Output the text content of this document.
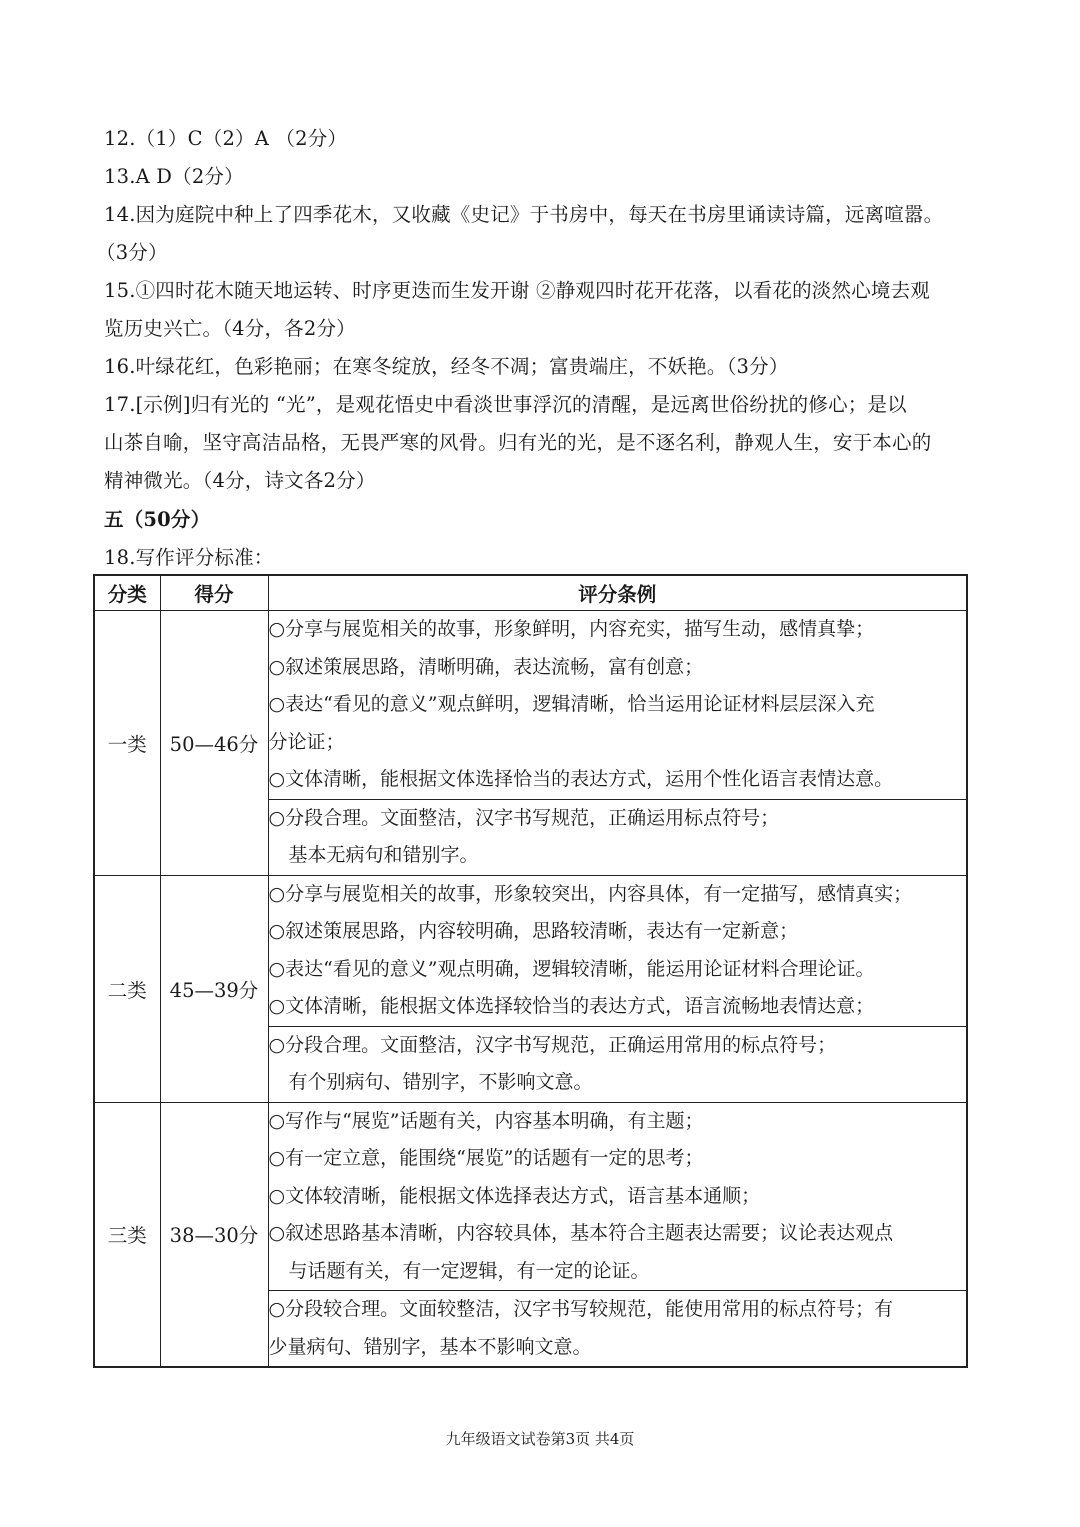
12.（1）C（2）A （2分）
13.A D（2分）
14.因为庭院中种上了四季花木，又收藏《史记》于书房中，每天在书房里诵读诗篇，远离喧嚣。
（3分）
15.①四时花木随天地运转、时序更迭而生发开谢 ②静观四时花开花落，以看花的淡然心境去观
览历史兴亡。（4分，各2分）
16.叶绿花红，色彩艳丽；在寒冬绽放，经冬不凋；富贵端庄，不妖艳。（3分）
17.[示例]归有光的 “光”，是观花悟史中看淡世事浮沉的清醒，是远离世俗纷扰的修心；是以
山茶自喻，坚守高洁品格，无畏严寒的风骨。归有光的光，是不逐名利，静观人生，安于本心的
精神微光。（4分，诗文各2分）
五（50分）
18.写作评分标准：
分类	得分	评分条例
一类	50—46分	○分享与展览相关的故事，形象鲜明，内容充实，描写生动，感情真挚；
○叙述策展思路，清晰明确，表达流畅，富有创意；
○表达“看见的意义”观点鲜明，逻辑清晰，恰当运用论证材料层层深入充
分论证；
○文体清晰，能根据文体选择恰当的表达方式，运用个性化语言表情达意。

		○分段合理。文面整洁，汉字书写规范，正确运用标点符号；
基本无病句和错别字。

二类	45—39分	○分享与展览相关的故事，形象较突出，内容具体，有一定描写，感情真实；
○叙述策展思路，内容较明确，思路较清晰，表达有一定新意；
○表达“看见的意义”观点明确，逻辑较清晰，能运用论证材料合理论证。
○文体清晰，能根据文体选择较恰当的表达方式，语言流畅地表情达意；

		○分段合理。文面整洁，汉字书写规范，正确运用常用的标点符号；
有个别病句、错别字，不影响文意。

三类	38—30分	○写作与“展览”话题有关，内容基本明确，有主题；
○有一定立意，能围绕“展览”的话题有一定的思考；
○文体较清晰，能根据文体选择表达方式，语言基本通顺；
○叙述思路基本清晰，内容较具体，基本符合主题表达需要；议论表达观点
与话题有关，有一定逻辑，有一定的论证。

		○分段较合理。文面较整洁，汉字书写较规范，能使用常用的标点符号；有
少量病句、错别字，基本不影响文意。
九年级语文试卷第3页 共4页
